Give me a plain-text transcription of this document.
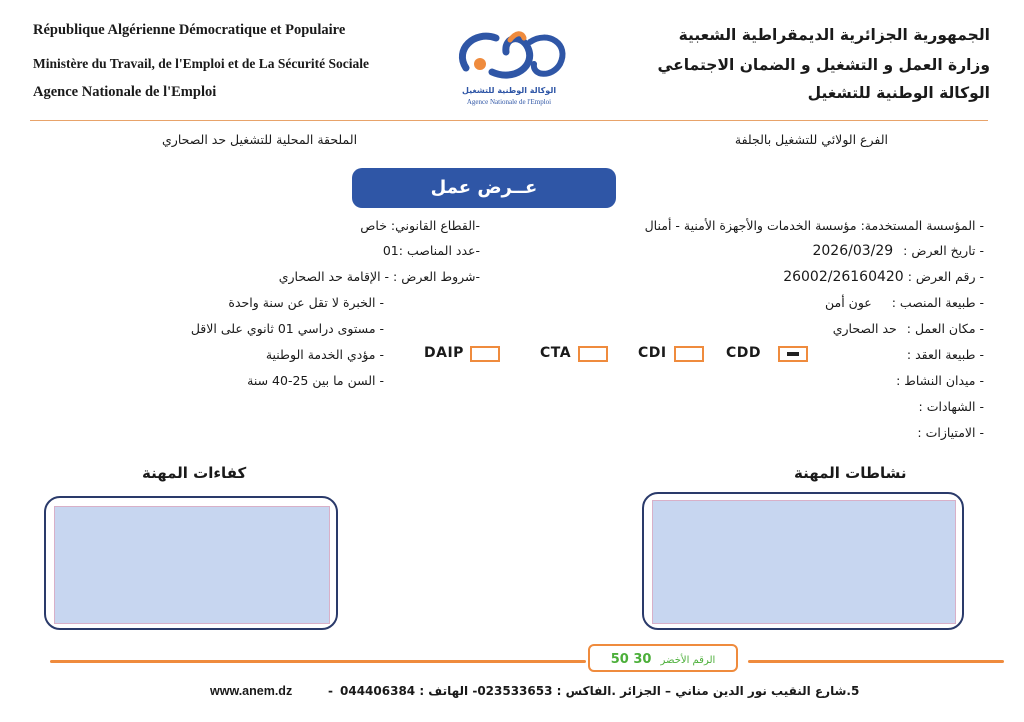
République Algérienne Démocratique et Populaire
Ministère du Travail, de l'Emploi et de La Sécurité Sociale
Agence Nationale de l'Emploi	الوكالة الوطنية للتشغيل
Agence Nationale de l'Emploi
الجمهورية الجزائرية الديمقراطية الشعبية
وزارة العمل و التشغيل و الضمان الاجتماعي
الوكالة الوطنية للتشغيل
الملحقة المحلية للتشغيل حد الصحاري	الفرع الولائي للتشغيل بالجلفة
عــرض عمل
- المؤسسة المستخدمة: مؤسسة الخدمات والأجهزة الأمنية - أمنال
- تاريخ العرض : 2026/03/29
- رقم العرض : 26002/26160420
- طبيعة المنصب : عون أمن
- مكان العمل : حد الصحاري
- طبيعة العقد :
- ميدان النشاط :
- الشهادات :
- الامتيازات :
-القطاع القانوني: خاص
-عدد المناصب :01
-شروط العرض : - الإقامة حد الصحاري
- الخبرة لا تقل عن سنة واحدة
- مستوى دراسي 01 ثانوي على الاقل
- مؤدي الخدمة الوطنية
- السن ما بين 25-40 سنة
CDD
CDI
CTA
DAIP
نشاطات المهنة
كفاءات المهنة
الرقم الأخضر 30 50
5.شارع النقيب نور الدين مناني – الجزائر .الفاكس : 023533653- الهاتف : 044406384
-
www.anem.dz
